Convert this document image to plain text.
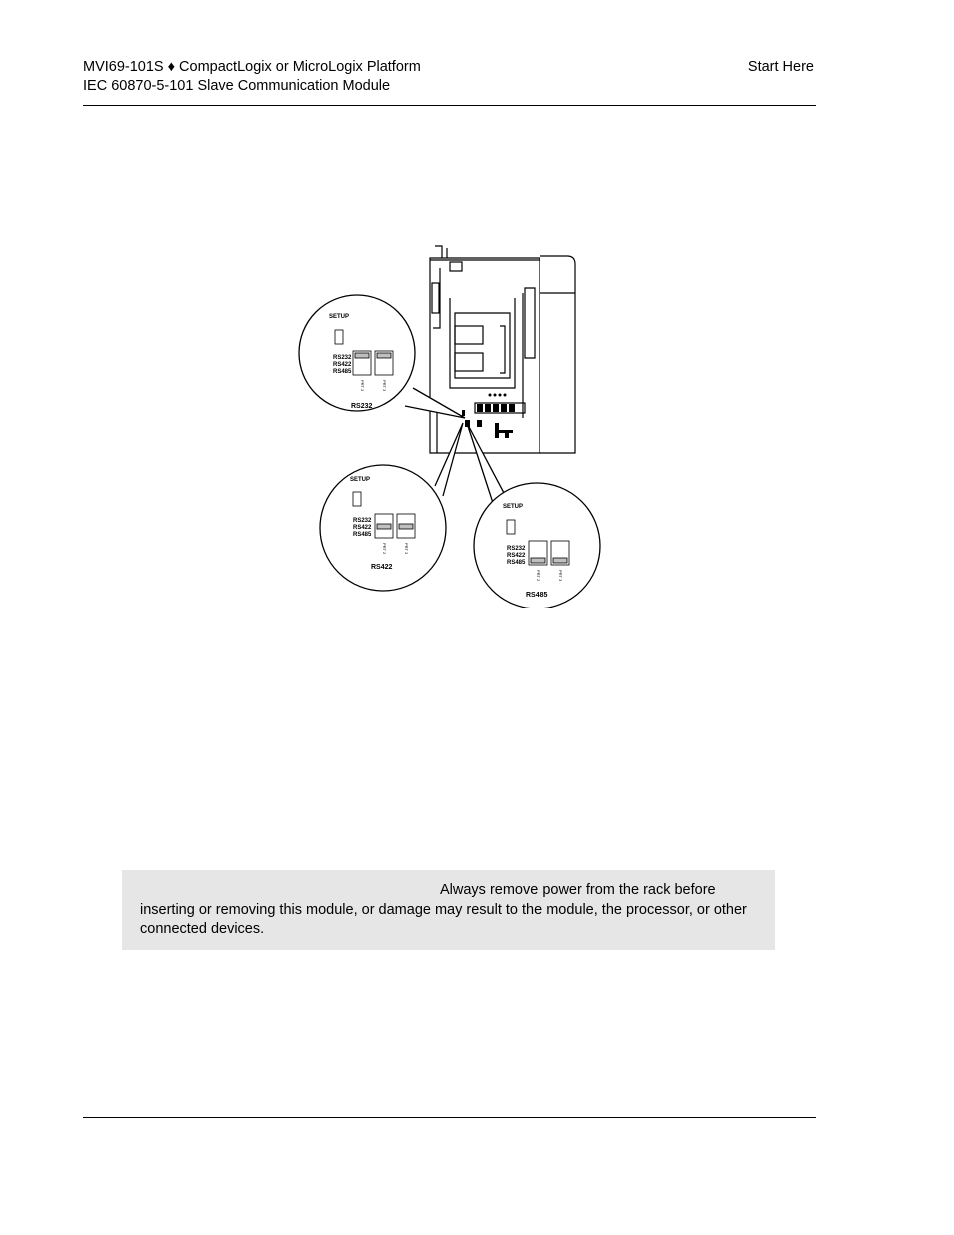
MVI69-101S ♦ CompactLogix or MicroLogix Platform
IEC 60870-5-101 Slave Communication Module
Start Here
SETUP
RS232
RS422
RS485
RS232
SETUP
RS232
RS422
RS485
RS422
SETUP
RS232
RS422
RS485
RS485
PRT 2	PRT 3
PRT 2	PRT 3
PRT 2	PRT 3
Always remove power from the rack before
inserting or removing this module, or damage may result to the module, the processor, or other connected devices.
